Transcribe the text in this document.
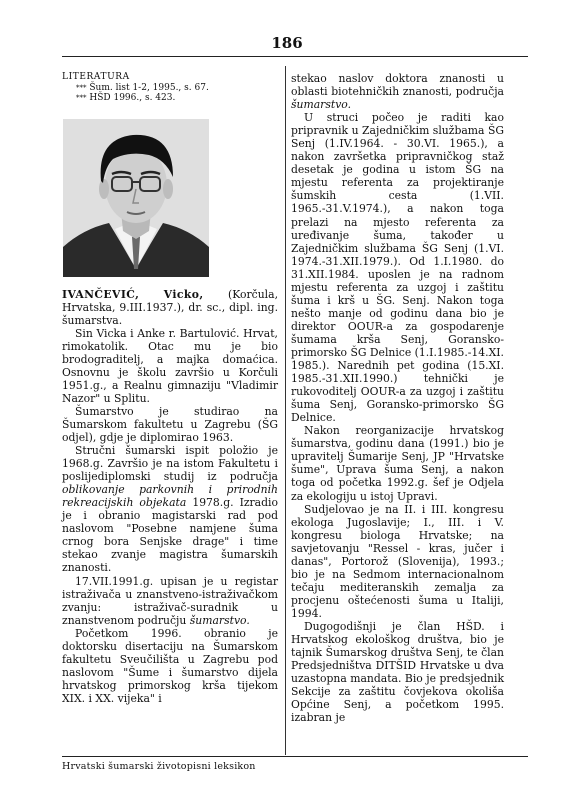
186
LITERATURA
*** Šum. list 1-2, 1995., s. 67.
*** HŠD 1996., s. 423.

IVANČEVIĆ, Vicko, (Korčula, Hrvatska, 9.III.1937.), dr. sc., dipl. ing. šumarstva.

Sin Vicka i Anke r. Bartulović. Hrvat, rimokatolik. Otac mu je bio brodograditelj, a majka domaćica. Osnovnu je školu završio u Korčuli 1951.g., a Realnu gimnaziju "Vladimir Nazor" u Splitu.

Šumarstvo je studirao na Šumarskom fakultetu u Zagrebu (ŠG odjel), gdje je diplomirao 1963.

Stručni šumarski ispit položio je 1968.g. Završio je na istom Fakultetu i poslijediplomski studij iz područja oblikovanje parkovnih i prirodnih rekreacijskih objekata 1978.g. Izradio je i obranio magistarski rad pod naslovom "Posebne namjene šuma crnog bora Senjske drage" i time stekao zvanje magistra šumarskih znanosti.

17.VII.1991.g. upisan je u registar istraživača u znanstveno-istraživačkom zvanju: istraživač-suradnik u znanstvenom području šumarstvo.

Početkom 1996. obranio je doktorsku disertaciju na Šumarskom fakultetu Sveučilišta u Zagrebu pod naslovom "Šume i šumarstvo dijela hrvatskog primorskog krša tijekom XIX. i XX. vijeka" i

stekao naslov doktora znanosti u oblasti biotehničkih znanosti, područja šumarstvo.

U struci počeo je raditi kao pripravnik u Zajedničkim službama ŠG Senj (1.IV.1964. - 30.VI. 1965.), a nakon završetka pripravničkog staž desetak je godina u istom ŠG na mjestu referenta za projektiranje šumskih cesta (1.VII. 1965.-31.V.1974.), a nakon toga prelazi na mjesto referenta za uređivanje šuma, također u Zajedničkim službama ŠG Senj (1.VI. 1974.-31.XII.1979.). Od 1.I.1980. do 31.XII.1984. uposlen je na radnom mjestu referenta za uzgoj i zaštitu šuma i krš u ŠG. Senj. Nakon toga nešto manje od godinu dana bio je direktor OOUR-a za gospodarenje šumama krša Senj, Goransko-primorsko ŠG Delnice (1.I.1985.-14.XI. 1985.). Narednih pet godina (15.XI. 1985.-31.XII.1990.) tehnički je rukovoditelj OOUR-a za uzgoj i zaštitu šuma Senj, Goransko-primorsko ŠG Delnice.

Nakon reorganizacije hrvatskog šumarstva, godinu dana (1991.) bio je upravitelj Šumarije Senj, JP "Hrvatske šume", Uprava šuma Senj, a nakon toga od početka 1992.g. šef je Odjela za ekologiju u istoj Upravi.

Sudjelovao je na II. i III. kongresu ekologa Jugoslavije; I., III. i V. kongresu biologa Hrvatske; na savjetovanju "Ressel - kras, jučer i danas", Portorož (Slovenija), 1993.; bio je na Sedmom internacionalnom tečaju mediteranskih zemalja za procjenu oštećenosti šuma u Italiji, 1994.

Dugogodišnji je član HŠD. i Hrvatskog ekološkog društva, bio je tajnik Šumarskog društva Senj, te član Predsjedništva DITŠID Hrvatske u dva uzastopna mandata. Bio je predsjednik Sekcije za zaštitu čovjekova okoliša Općine Senj, a početkom 1995. izabran je

Hrvatski šumarski životopisni leksikon
